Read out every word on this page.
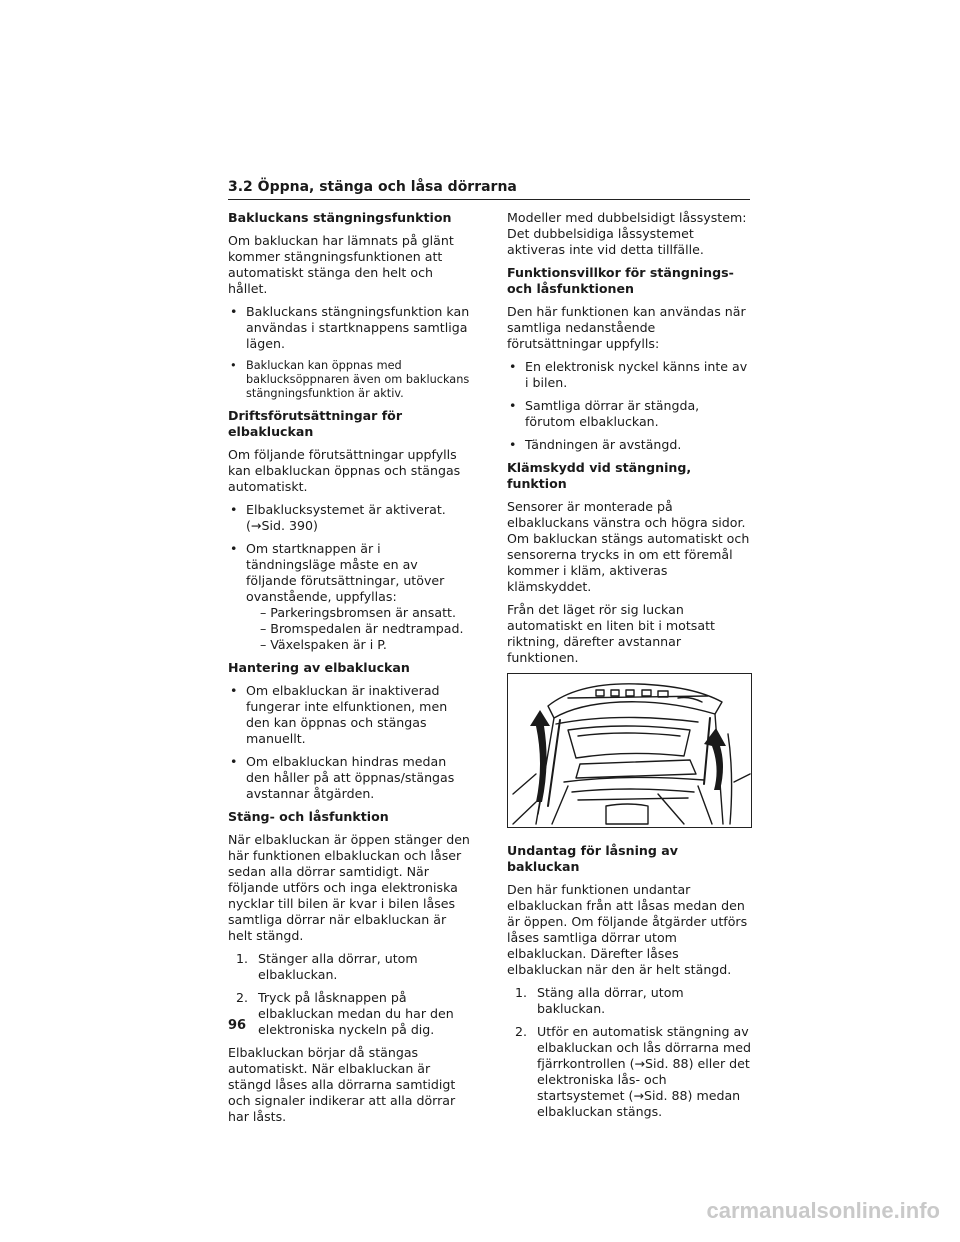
3.2 Öppna, stänga och låsa dörrarna
Bakluckans stängningsfunktion
Om bakluckan har lämnats på glänt kommer stängningsfunktionen att automatiskt stänga den helt och hållet.
• Bakluckans stängningsfunktion kan användas i startknappens samtliga lägen.
• Bakluckan kan öppnas med baklucksöppnaren även om bakluckans stängningsfunktion är aktiv.
Driftsförutsättningar för elbakluckan
Om följande förutsättningar uppfylls kan elbakluckan öppnas och stängas automatiskt.
• Elbaklucksystemet är aktiverat. (→Sid. 390)
• Om startknappen är i tändningsläge måste en av följande förutsättningar, utöver ovanstående, uppfyllas:
– Parkeringsbromsen är ansatt.
– Bromspedalen är nedtrampad.
– Växelspaken är i P.
Hantering av elbakluckan
• Om elbakluckan är inaktiverad fungerar inte elfunktionen, men den kan öppnas och stängas manuellt.
• Om elbakluckan hindras medan den håller på att öppnas/stängas avstannar åtgärden.
Stäng- och låsfunktion
När elbakluckan är öppen stänger den här funktionen elbakluckan och låser sedan alla dörrar samtidigt. När följande utförs och inga elektroniska nycklar till bilen är kvar i bilen låses samtliga dörrar när elbakluckan är helt stängd.
1. Stänger alla dörrar, utom elbakluckan.
2. Tryck på låsknappen på elbakluckan medan du har den elektroniska nyckeln på dig.
Elbakluckan börjar då stängas automatiskt. När elbakluckan är stängd låses alla dörrarna samtidigt och signaler indikerar att alla dörrar har låsts.
Modeller med dubbelsidigt låssystem: Det dubbelsidiga låssystemet aktiveras inte vid detta tillfälle.
Funktionsvillkor för stängnings- och låsfunktionen
Den här funktionen kan användas när samtliga nedanstående förutsättningar uppfylls:
• En elektronisk nyckel känns inte av i bilen.
• Samtliga dörrar är stängda, förutom elbakluckan.
• Tändningen är avstängd.
Klämskydd vid stängning, funktion
Sensorer är monterade på elbakluckans vänstra och högra sidor. Om bakluckan stängs automatiskt och sensorerna trycks in om ett föremål kommer i kläm, aktiveras klämskyddet.
Från det läget rör sig luckan automatiskt en liten bit i motsatt riktning, därefter avstannar funktionen.
Undantag för låsning av bakluckan
Den här funktionen undantar elbakluckan från att låsas medan den är öppen. Om följande åtgärder utförs låses samtliga dörrar utom elbakluckan. Därefter låses elbakluckan när den är helt stängd.
1. Stäng alla dörrar, utom bakluckan.
2. Utför en automatisk stängning av elbakluckan och lås dörrarna med fjärrkontrollen (→Sid. 88) eller det elektroniska lås- och startsystemet (→Sid. 88) medan elbakluckan stängs.
96
carmanualsonline.info
